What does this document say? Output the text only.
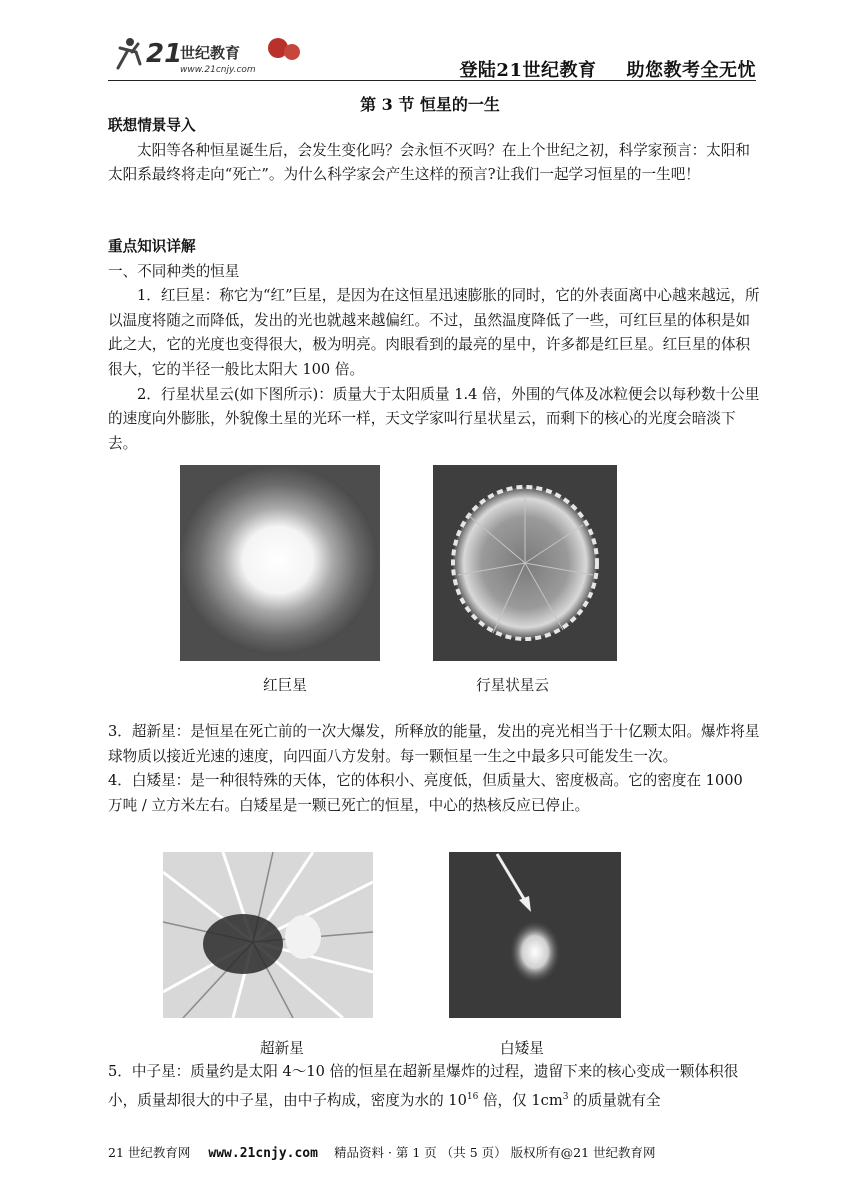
21
世纪教育
www.21cnjy.com	登陆21世纪教育 助您教考全无忧
第 3 节 恒星的一生

联想情景导入

太阳等各种恒星诞生后，会发生变化吗？会永恒不灭吗？在上个世纪之初，科学家预言：太阳和太阳系最终将走向“死亡”。为什么科学家会产生这样的预言?让我们一起学习恒星的一生吧！

重点知识详解

一、不同种类的恒星

1．红巨星：称它为“红”巨星，是因为在这恒星迅速膨胀的同时，它的外表面离中心越来越远，所以温度将随之而降低，发出的光也就越来越偏红。不过，虽然温度降低了一些，可红巨星的体积是如此之大，它的光度也变得很大，极为明亮。肉眼看到的最亮的星中，许多都是红巨星。红巨星的体积很大，它的半径一般比太阳大 100 倍。

2．行星状星云(如下图所示)：质量大于太阳质量 1.4 倍，外围的气体及冰粒便会以每秒数十公里的速度向外膨胀，外貌像土星的光环一样，天文学家叫行星状星云，而剩下的核心的光度会暗淡下去。

红巨星	行星状星云

3．超新星：是恒星在死亡前的一次大爆发，所释放的能量，发出的亮光相当于十亿颗太阳。爆炸将星球物质以接近光速的速度，向四面八方发射。每一颗恒星一生之中最多只可能发生一次。

4．白矮星：是一种很特殊的天体，它的体积小、亮度低，但质量大、密度极高。它的密度在 1000 万吨 / 立方米左右。白矮星是一颗已死亡的恒星，中心的热核反应已停止。

超新星	白矮星

5．中子星：质量约是太阳 4～10 倍的恒星在超新星爆炸的过程，遗留下来的核心变成一颗体积很小，质量却很大的中子星，由中子构成，密度为水的 $10^{16}$ 倍，仅 $1cm^3$ 的质量就有全

21 世纪教育网 www.21cnjy.com 精品资料 · 第 1 页 （共 5 页） 版权所有@21 世纪教育网
